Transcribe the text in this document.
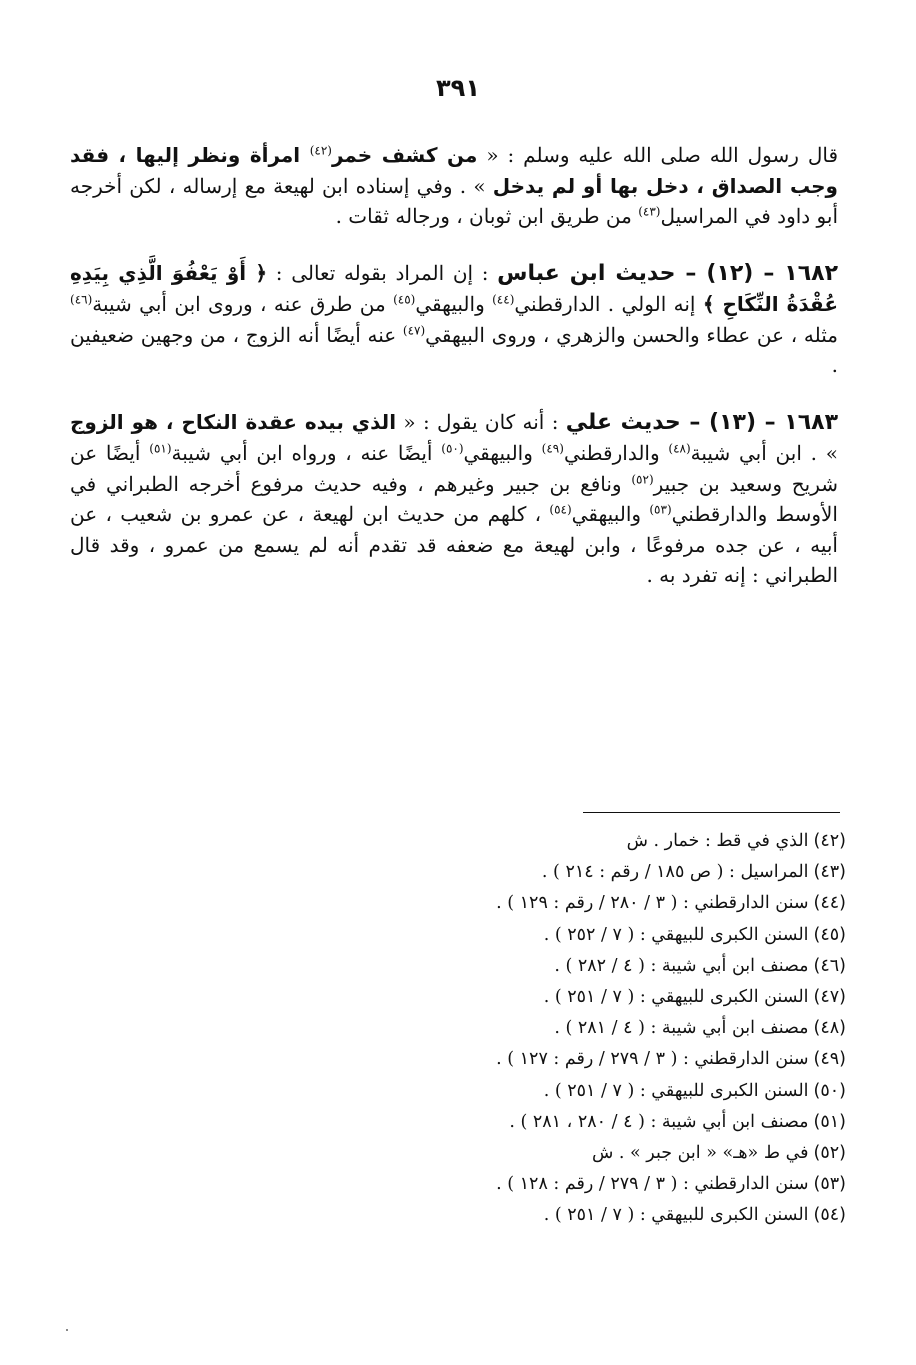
٣٩١

قال رسول الله صلى الله عليه وسلم : « من كشف خمر$^{(٤٢)}$ امرأة ونظر إليها ، فقد وجب الصداق ، دخل بها أو لم يدخل » . وفي إسناده ابن لهيعة مع إرساله ، لكن أخرجه أبو داود في المراسيل$^{(٤٣)}$ من طريق ابن ثوبان ، ورجاله ثقات .

١٦٨٢ – (١٢) – حديث ابن عباس : إن المراد بقوله تعالى : ﴿ أَوْ يَعْفُوَ الَّذِي بِيَدِهِ عُقْدَةُ النِّكَاحِ ﴾ إنه الولي . الدارقطني$^{(٤٤)}$ والبيهقي$^{(٤٥)}$ من طرق عنه ، وروى ابن أبي شيبة$^{(٤٦)}$ مثله ، عن عطاء والحسن والزهري ، وروى البيهقي$^{(٤٧)}$ عنه أيضًا أنه الزوج ، من وجهين ضعيفين .

١٦٨٣ – (١٣) – حديث علي : أنه كان يقول : « الذي بيده عقدة النكاح ، هو الزوج » . ابن أبي شيبة$^{(٤٨)}$ والدارقطني$^{(٤٩)}$ والبيهقي$^{(٥٠)}$ أيضًا عنه ، ورواه ابن أبي شيبة$^{(٥١)}$ أيضًا عن شريح وسعيد بن جبير$^{(٥٢)}$ ونافع بن جبير وغيرهم ، وفيه حديث مرفوع أخرجه الطبراني في الأوسط والدارقطني$^{(٥٣)}$ والبيهقي$^{(٥٤)}$ ، كلهم من حديث ابن لهيعة ، عن عمرو بن شعيب ، عن أبيه ، عن جده مرفوعًا ، وابن لهيعة مع ضعفه قد تقدم أنه لم يسمع من عمرو ، وقد قال الطبراني : إنه تفرد به .

(٤٢)الذي في قط : خمار . ش
(٤٣)المراسيل : ( ص ١٨٥ / رقم : ٢١٤ ) .
(٤٤)سنن الدارقطني : ( ٣ / ٢٨٠ / رقم : ١٢٩ ) .
(٤٥)السنن الكبرى للبيهقي : ( ٧ / ٢٥٢ ) .
(٤٦)مصنف ابن أبي شيبة : ( ٤ / ٢٨٢ ) .
(٤٧)السنن الكبرى للبيهقي : ( ٧ / ٢٥١ ) .
(٤٨)مصنف ابن أبي شيبة : ( ٤ / ٢٨١ ) .
(٤٩)سنن الدارقطني : ( ٣ / ٢٧٩ / رقم : ١٢٧ ) .
(٥٠)السنن الكبرى للبيهقي : ( ٧ / ٢٥١ ) .
(٥١)مصنف ابن أبي شيبة : ( ٤ / ٢٨٠ ، ٢٨١ ) .
(٥٢)في ط «هـ» « ابن جبر » . ش
(٥٣)سنن الدارقطني : ( ٣ / ٢٧٩ / رقم : ١٢٨ ) .
(٥٤)السنن الكبرى للبيهقي : ( ٧ / ٢٥١ ) .
